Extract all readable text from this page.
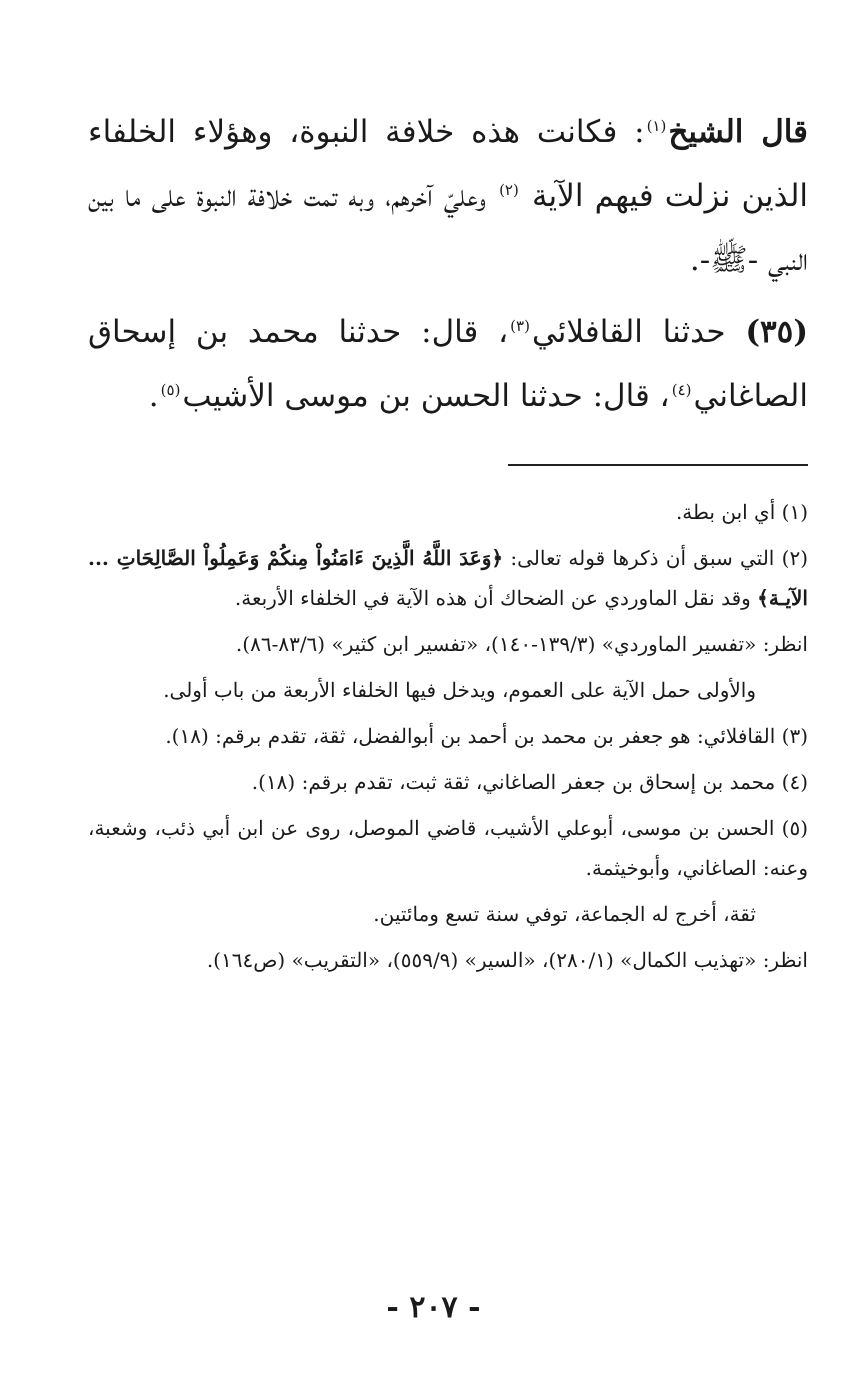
قال الشيخ$^{(١)}$: فكانت هذه خلافة النبوة، وهؤلاء الخلفاء الذين نزلت فيهم الآية $^{(٢)}$ وعليّ آخرهم، وبه تمت خلافة النبوة على ما بين النبي -ﷺ-.

(٣٥) حدثنا القافلائي$^{(٣)}$، قال: حدثنا محمد بن إسحاق الصاغاني$^{(٤)}$، قال: حدثنا الحسن بن موسى الأشيب$^{(٥)}$.

(١) أي ابن بطة.

(٢) التي سبق أن ذكرها قوله تعالى: ﴿وَعَدَ اللَّهُ الَّذِينَ ءَامَنُواْ مِنكُمْ وَعَمِلُواْ الصَّالِحَاتِ ... الآيـة﴾ وقد نقل الماوردي عن الضحاك أن هذه الآية في الخلفاء الأربعة.

انظر: «تفسير الماوردي» (١٣٩/٣-١٤٠)، «تفسير ابن كثير» (٨٣/٦-٨٦).

والأولى حمل الآية على العموم، ويدخل فيها الخلفاء الأربعة من باب أولى.

(٣) القافلائي: هو جعفر بن محمد بن أحمد بن أبوالفضل، ثقة، تقدم برقم: (١٨).

(٤) محمد بن إسحاق بن جعفر الصاغاني، ثقة ثبت، تقدم برقم: (١٨).

(٥) الحسن بن موسى، أبوعلي الأشيب، قاضي الموصل، روى عن ابن أبي ذئب، وشعبة، وعنه: الصاغاني، وأبوخيثمة.

ثقة، أخرج له الجماعة، توفي سنة تسع ومائتين.

انظر: «تهذيب الكمال» (٢٨٠/١)، «السير» (٥٥٩/٩)، «التقريب» (ص١٦٤).

- ٢٠٧ -
